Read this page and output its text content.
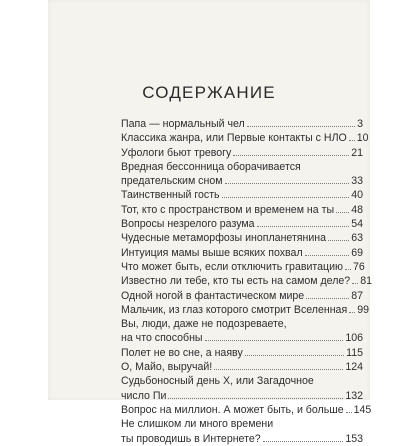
СОДЕРЖАНИЕ
Папа — нормальный чел	3
Классика жанра, или Первые контакты с НЛО 10
Уфологи бьют тревогу	21
Вредная бессонница оборачивается
предательским сном	33
Таинственный гость	40
Тот, кто с пространством и временем на ты 48
Вопросы незрелого разума	54
Чудесные метаморфозы инопланетянина 63
Интуиция мамы выше всяких похвал	69
Что может быть, если отключить гравитацию 76
Известно ли тебе, кто ты есть на самом деле? 81
Одной ногой в фантастическом мире	87
Мальчик, из глаз которого смотрит Вселенная 99
Вы, люди, даже не подозреваете,
на что способны	106
Полет не во сне, а наяву	115
О, Майо, выручай!	124
Судьбоносный день X, или Загадочное
число Пи	132
Вопрос на миллион. А может быть, и больше 145
Не слишком ли много времени
ты проводишь в Интернете?	153
